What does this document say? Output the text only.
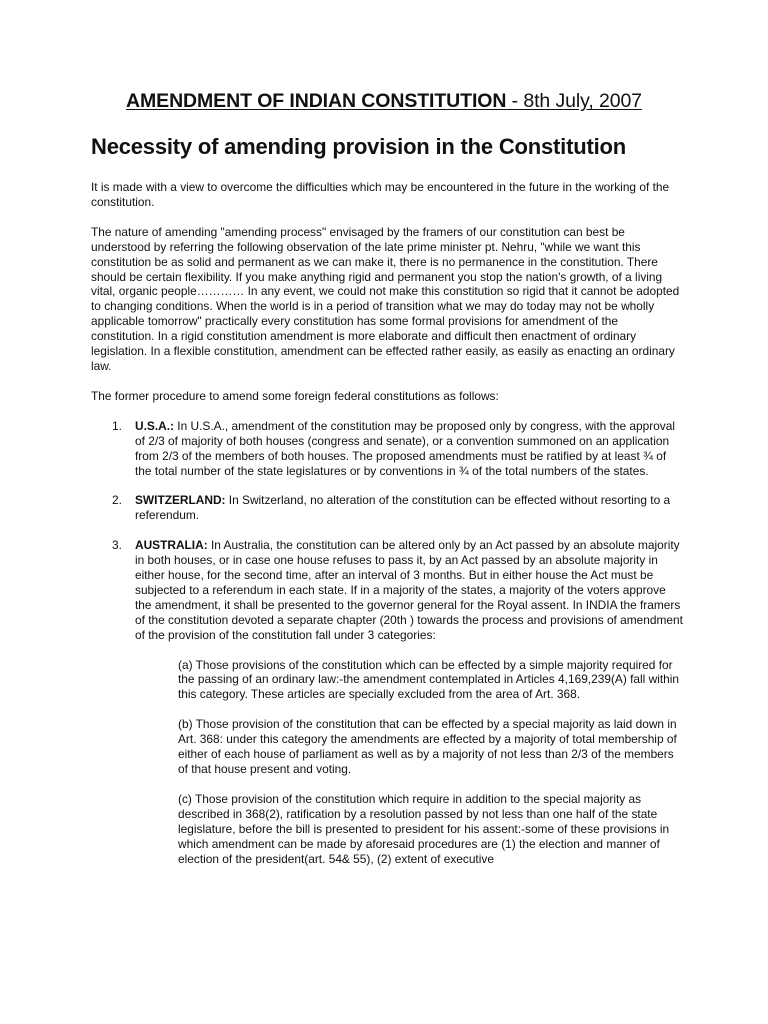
AMENDMENT OF INDIAN CONSTITUTION - 8th July, 2007
Necessity of amending provision in the Constitution

It is made with a view to overcome the difficulties which may be encountered in the future in the working of the constitution.

The nature of amending "amending process" envisaged by the framers of our constitution can best be understood by referring the following observation of the late prime minister pt. Nehru, "while we want this constitution be as solid and permanent as we can make it, there is no permanence in the constitution. There should be certain flexibility. If you make anything rigid and permanent you stop the nation's growth, of a living vital, organic people………… In any event, we could not make this constitution so rigid that it cannot be adopted to changing conditions. When the world is in a period of transition what we may do today may not be wholly applicable tomorrow" practically every constitution has some formal provisions for amendment of the constitution. In a rigid constitution amendment is more elaborate and difficult then enactment of ordinary legislation. In a flexible constitution, amendment can be effected rather easily, as easily as enacting an ordinary law.

The former procedure to amend some foreign federal constitutions as follows:

1. U.S.A.: In U.S.A., amendment of the constitution may be proposed only by congress, with the approval of 2/3 of majority of both houses (congress and senate), or a convention summoned on an application from 2/3 of the members of both houses. The proposed amendments must be ratified by at least ¾ of the total number of the state legislatures or by conventions in ¾ of the total numbers of the states.
2. SWITZERLAND: In Switzerland, no alteration of the constitution can be effected without resorting to a referendum.
3. AUSTRALIA: In Australia, the constitution can be altered only by an Act passed by an absolute majority in both houses, or in case one house refuses to pass it, by an Act passed by an absolute majority in either house, for the second time, after an interval of 3 months. But in either house the Act must be subjected to a referendum in each state. If in a majority of the states, a majority of the voters approve the amendment, it shall be presented to the governor general for the Royal assent. In INDIA the framers of the constitution devoted a separate chapter (20th ) towards the process and provisions of amendment of the provision of the constitution fall under 3 categories:
(a) Those provisions of the constitution which can be effected by a simple majority required for the passing of an ordinary law:-the amendment contemplated in Articles 4,169,239(A) fall within this category. These articles are specially excluded from the area of Art. 368.
(b) Those provision of the constitution that can be effected by a special majority as laid down in Art. 368: under this category the amendments are effected by a majority of total membership of either of each house of parliament as well as by a majority of not less than 2/3 of the members of that house present and voting.
(c) Those provision of the constitution which require in addition to the special majority as described in 368(2), ratification by a resolution passed by not less than one half of the state legislature, before the bill is presented to president for his assent:-some of these provisions in which amendment can be made by aforesaid procedures are (1) the election and manner of election of the president(art. 54& 55), (2) extent of executive
